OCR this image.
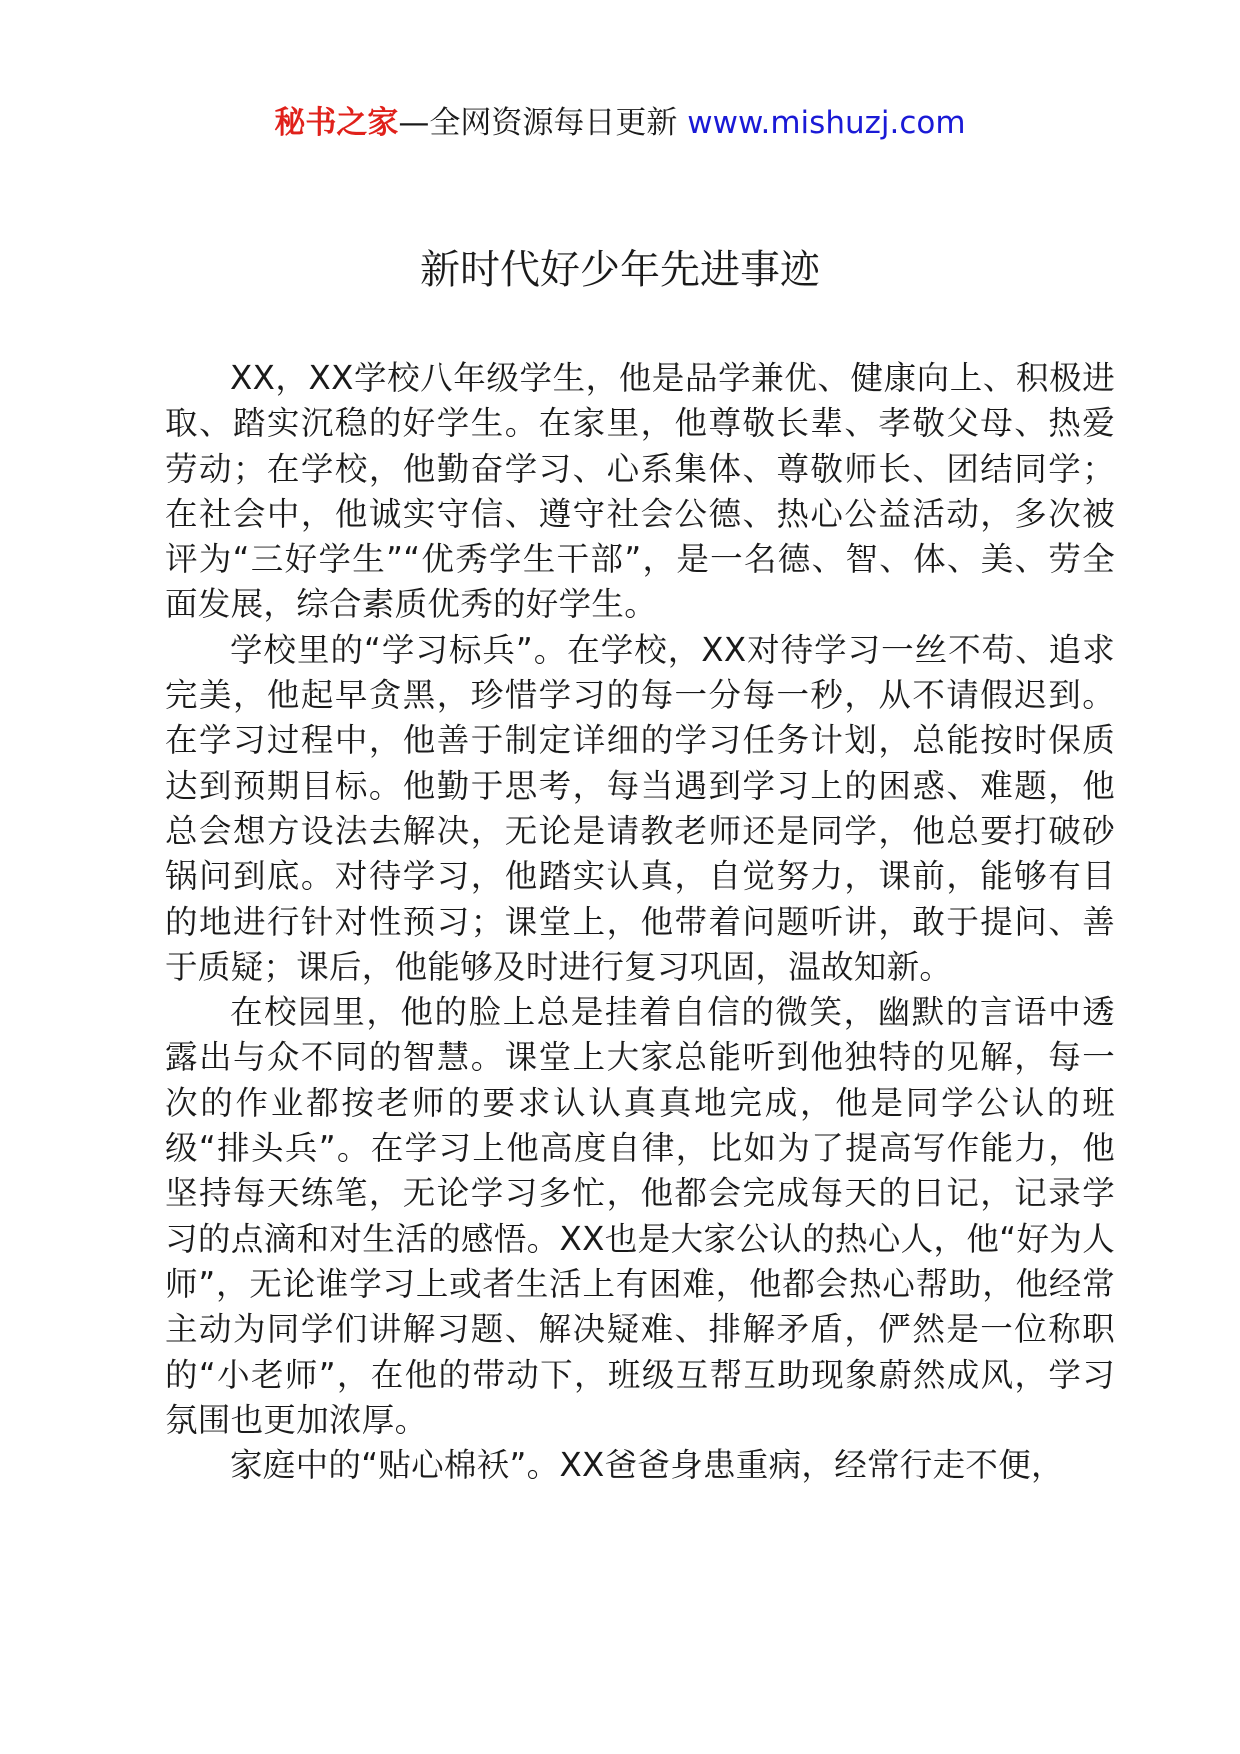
秘书之家—全网资源每日更新 www.mishuzj.com
新时代好少年先进事迹

XX，XX学校八年级学生，他是品学兼优、健康向上、积极进取、踏实沉稳的好学生。在家里，他尊敬长辈、孝敬父母、热爱劳动；在学校，他勤奋学习、心系集体、尊敬师长、团结同学；在社会中，他诚实守信、遵守社会公德、热心公益活动，多次被评为“三好学生”“优秀学生干部”，是一名德、智、体、美、劳全面发展，综合素质优秀的好学生。

学校里的“学习标兵”。在学校，XX对待学习一丝不苟、追求完美，他起早贪黑，珍惜学习的每一分每一秒，从不请假迟到。在学习过程中，他善于制定详细的学习任务计划，总能按时保质达到预期目标。他勤于思考，每当遇到学习上的困惑、难题，他总会想方设法去解决，无论是请教老师还是同学，他总要打破砂锅问到底。对待学习，他踏实认真，自觉努力，课前，能够有目的地进行针对性预习；课堂上，他带着问题听讲，敢于提问、善于质疑；课后，他能够及时进行复习巩固，温故知新。

在校园里，他的脸上总是挂着自信的微笑，幽默的言语中透露出与众不同的智慧。课堂上大家总能听到他独特的见解，每一次的作业都按老师的要求认认真真地完成，他是同学公认的班级“排头兵”。在学习上他高度自律，比如为了提高写作能力，他坚持每天练笔，无论学习多忙，他都会完成每天的日记，记录学习的点滴和对生活的感悟。XX也是大家公认的热心人，他“好为人师”，无论谁学习上或者生活上有困难，他都会热心帮助，他经常主动为同学们讲解习题、解决疑难、排解矛盾，俨然是一位称职的“小老师”，在他的带动下，班级互帮互助现象蔚然成风，学习氛围也更加浓厚。

家庭中的“贴心棉袄”。XX爸爸身患重病，经常行走不便，
